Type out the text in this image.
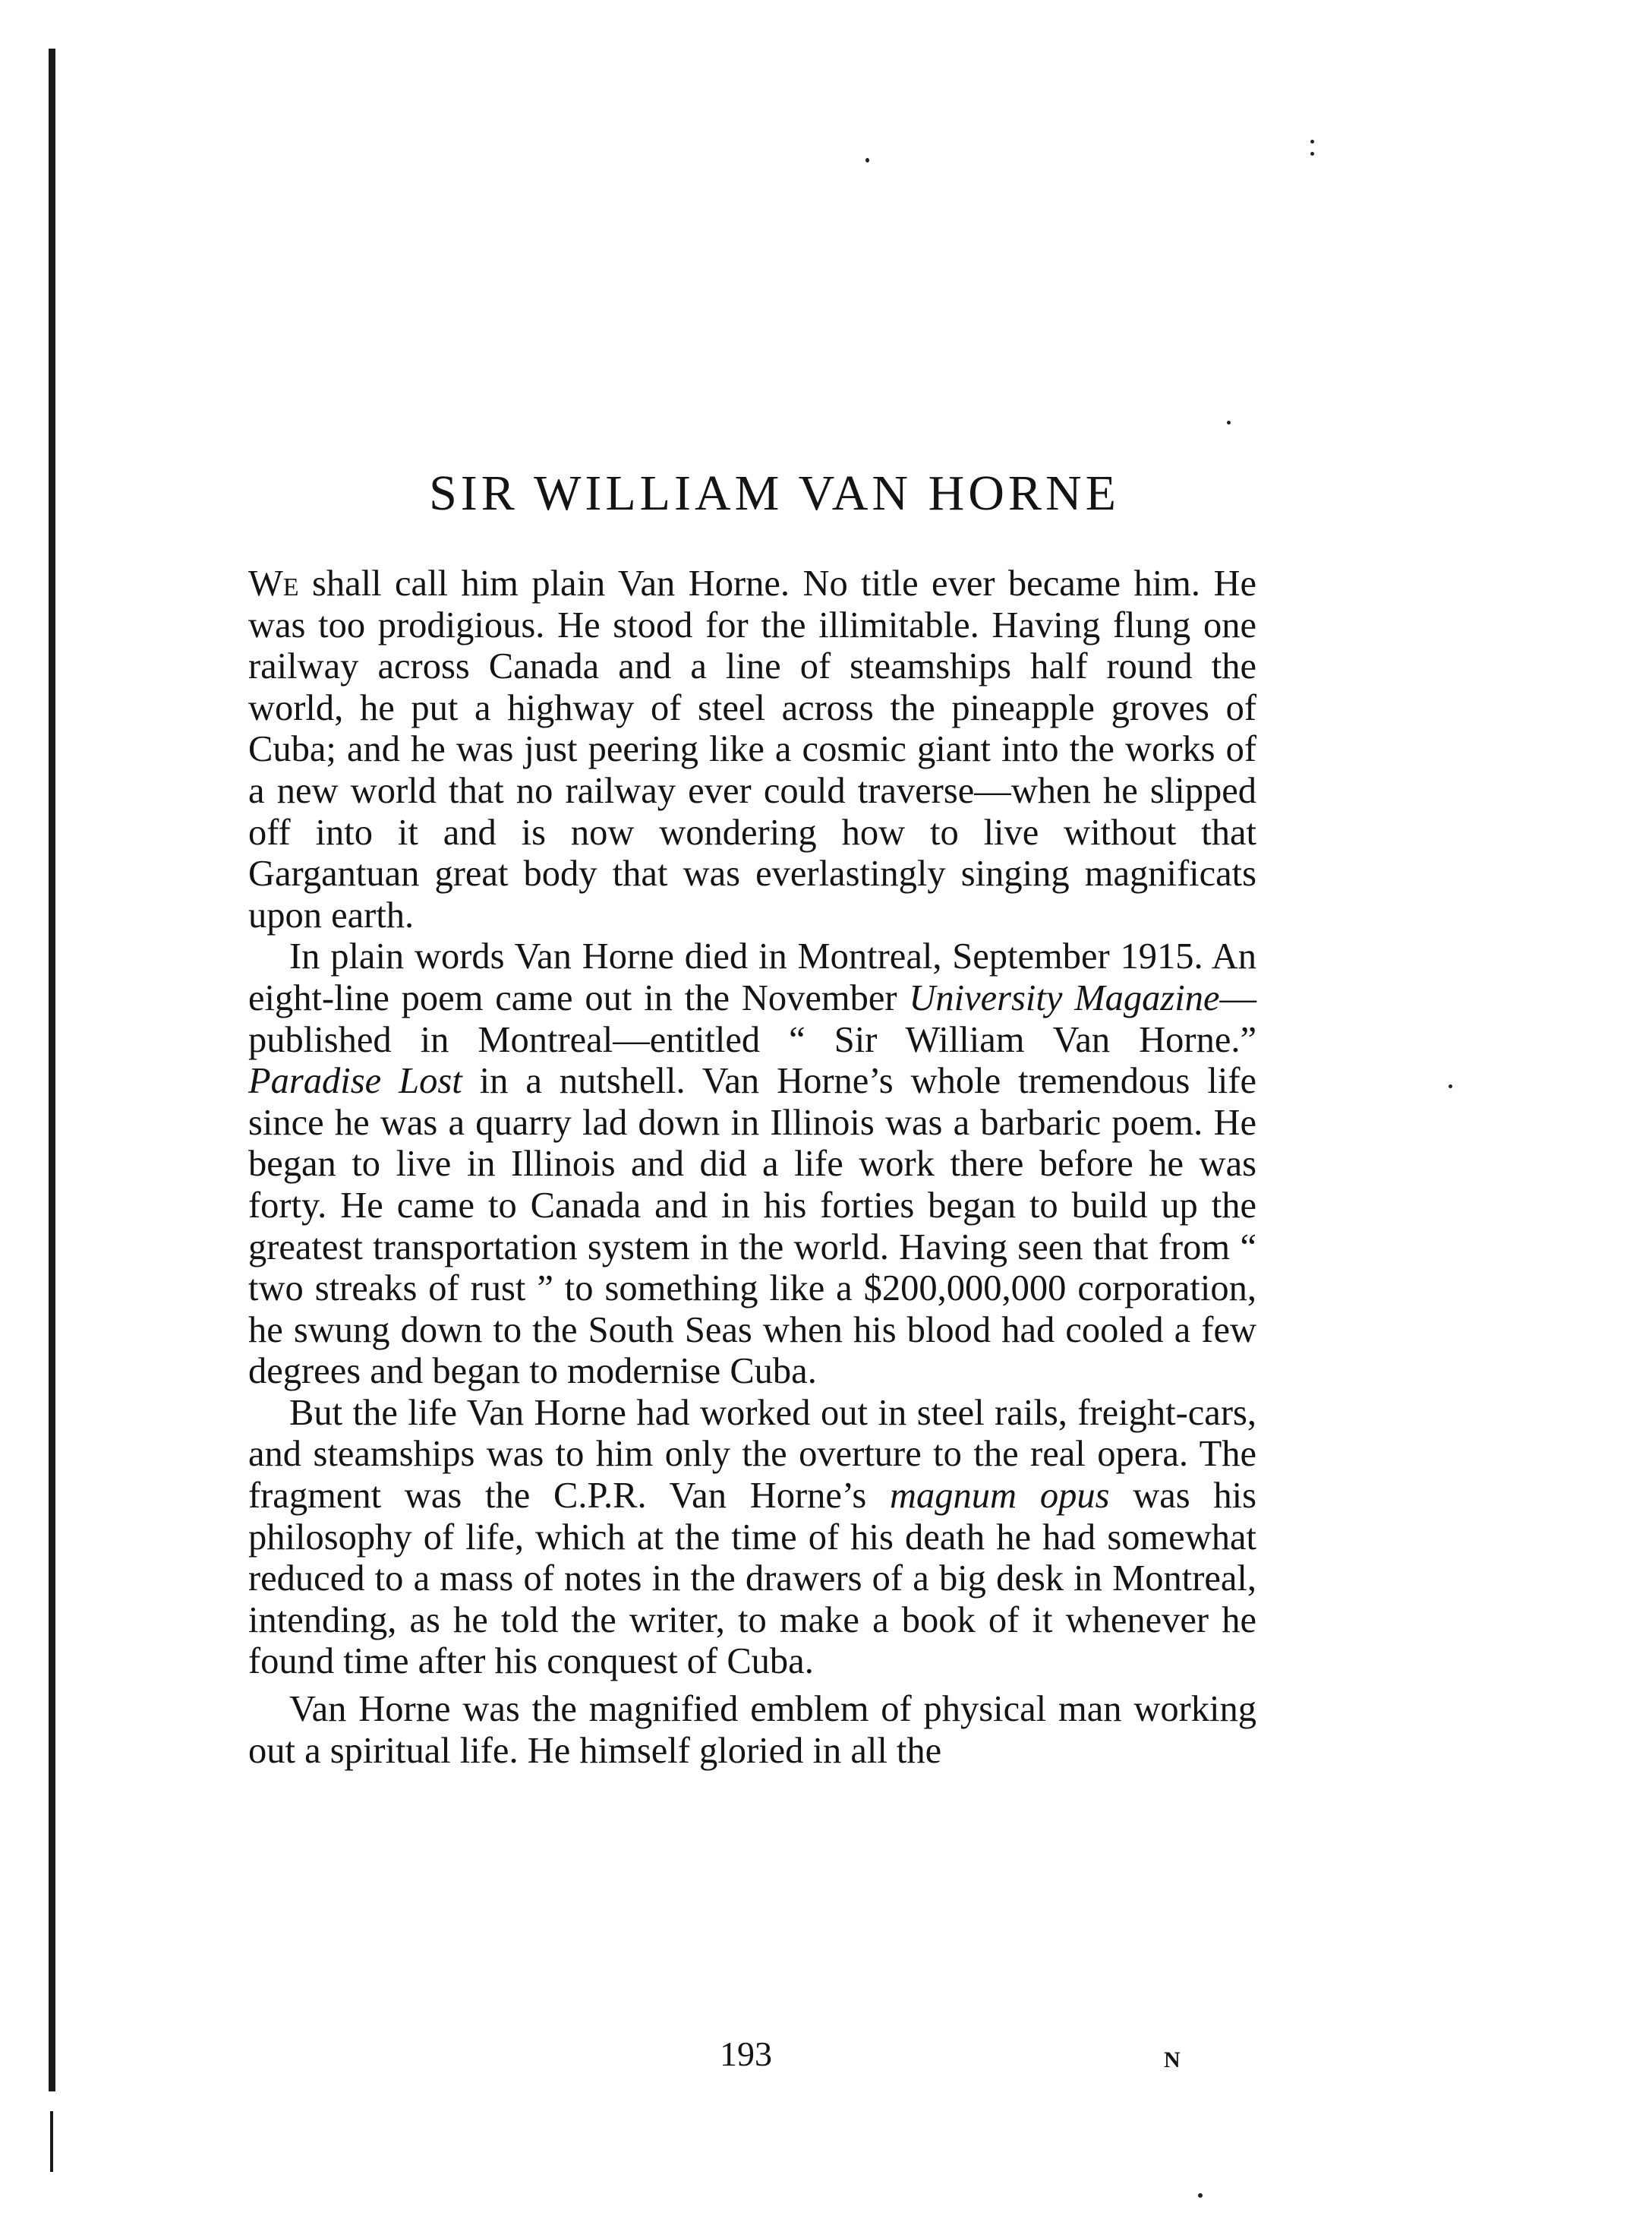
SIR WILLIAM VAN HORNE

We shall call him plain Van Horne. No title ever became him. He was too prodigious. He stood for the illimitable. Having flung one railway across Canada and a line of steamships half round the world, he put a highway of steel across the pineapple groves of Cuba; and he was just peering like a cosmic giant into the works of a new world that no railway ever could traverse—when he slipped off into it and is now wondering how to live without that Gargantuan great body that was everlastingly singing magnificats upon earth.

In plain words Van Horne died in Montreal, September 1915. An eight-line poem came out in the November University Magazine—published in Montreal—entitled “ Sir William Van Horne.” Paradise Lost in a nutshell. Van Horne’s whole tremendous life since he was a quarry lad down in Illinois was a barbaric poem. He began to live in Illinois and did a life work there before he was forty. He came to Canada and in his forties began to build up the greatest transportation system in the world. Having seen that from “ two streaks of rust ” to something like a $200,000,000 corporation, he swung down to the South Seas when his blood had cooled a few degrees and began to modernise Cuba.

But the life Van Horne had worked out in steel rails, freight-cars, and steamships was to him only the overture to the real opera. The fragment was the C.P.R. Van Horne’s magnum opus was his philosophy of life, which at the time of his death he had somewhat reduced to a mass of notes in the drawers of a big desk in Montreal, intending, as he told the writer, to make a book of it whenever he found time after his conquest of Cuba.

Van Horne was the magnified emblem of physical man working out a spiritual life. He himself gloried in all the

193	N
